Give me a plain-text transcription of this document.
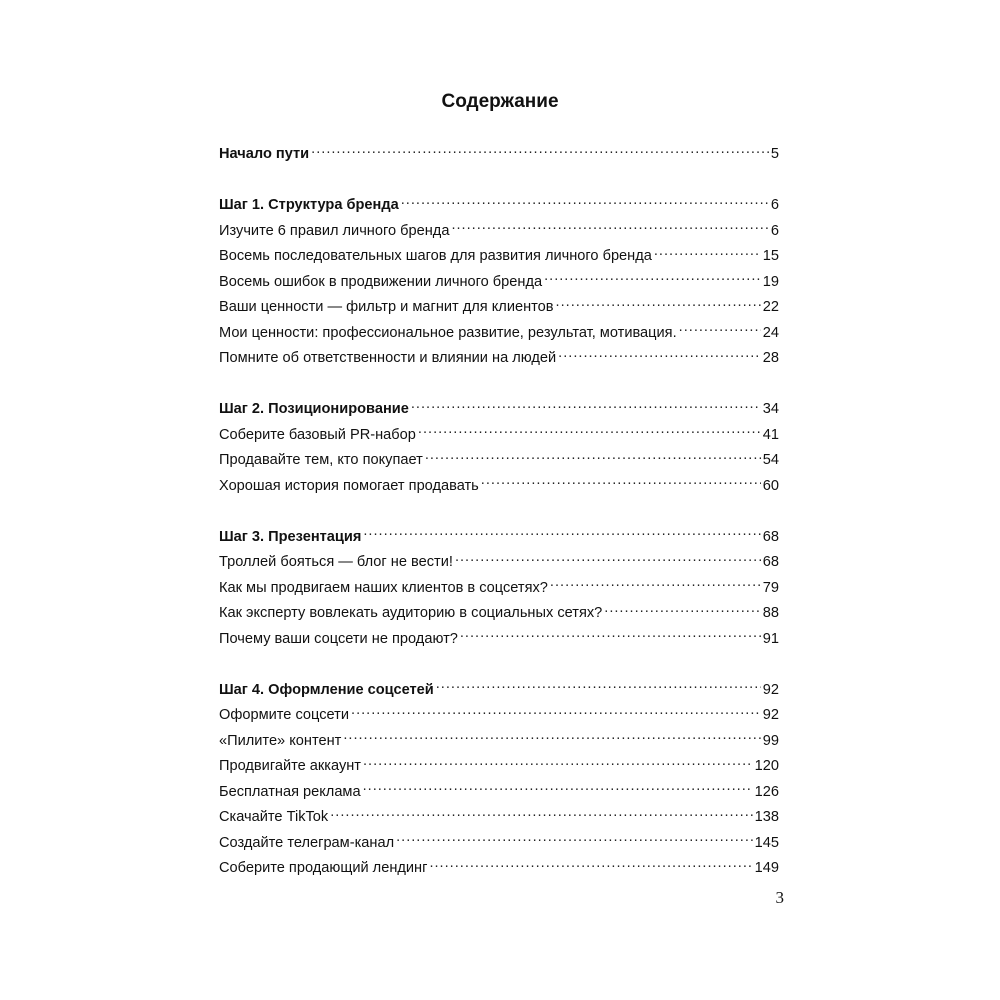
Содержание
Начало пути .....	5
Шаг 1. Структура бренда .....	6
Изучите 6 правил личного бренда .....	6
Восемь последовательных шагов для развития личного бренда .....	15
Восемь ошибок в продвижении личного бренда .....	19
Ваши ценности — фильтр и магнит для клиентов .....	22
Мои ценности: профессиональное развитие, результат, мотивация. .....	24
Помните об ответственности и влиянии на людей .....	28
Шаг 2. Позиционирование .....	34
Соберите базовый PR-набор .....	41
Продавайте тем, кто покупает .....	54
Хорошая история помогает продавать .....	60
Шаг 3. Презентация .....	68
Троллей бояться — блог не вести! .....	68
Как мы продвигаем наших клиентов в соцсетях? .....	79
Как эксперту вовлекать аудиторию в социальных сетях? .....	88
Почему ваши соцсети не продают? .....	91
Шаг 4. Оформление соцсетей .....	92
Оформите соцсети .....	92
«Пилите» контент .....	99
Продвигайте аккаунт .....	120
Бесплатная реклама .....	126
Скачайте TikTok .....	138
Создайте телеграм-канал .....	145
Соберите продающий лендинг .....	149
3
